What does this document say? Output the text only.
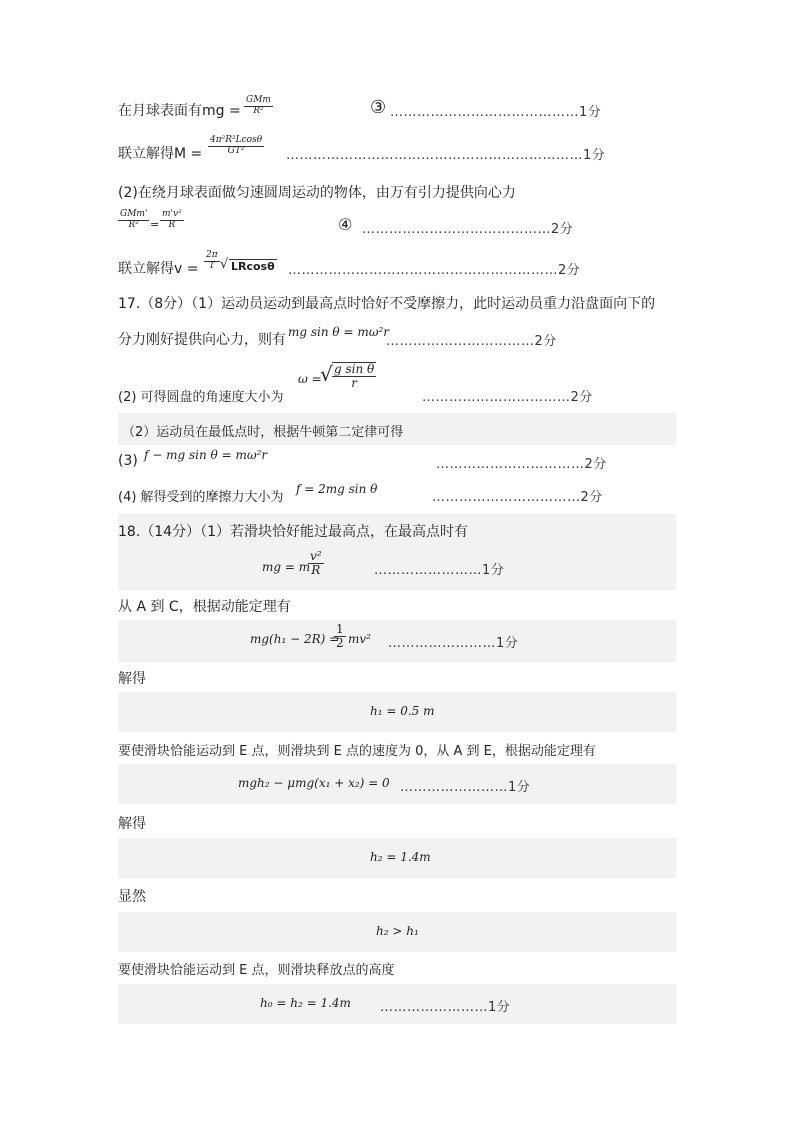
在月球表面有mg =
GMm
R²	③ ……………………………………1分
联立解得$M = \frac{\text{4π²R²Lcosθ}}{\text{GT²}}$ …………………………………………………………1分
(2)在绕月球表面做匀速圆周运动的物体，由万有引力提供向心力
GMm'
R²	= $\frac{\text{m'v²}}{R}$	④ ……………………………………2分
联立解得$v = \frac{2\pi}{T}$ √ LRcosθ ……………………………………………………2分
17.（8分）（1）运动员运动到最高点时恰好不受摩擦力，此时运动员重力沿盘面向下的
分力刚好提供向心力，则有 mg sin θ = mω²r
……………………………2分
(2) 可得圆盘的角速度大小为
ω =
√ $\frac{\text{g sin θ}}{r}$
……………………………2分
（2）运动员在最低点时，根据牛顿第二定律可得
(3) f − mg sin θ = mω²r
……………………………2分
(4) 解得受到的摩擦力大小为
f = 2mg sin θ
……………………………2分
18.（14分）（1）若滑块恰好能过最高点，在最高点时有
mg = m
$\frac{\text{v²}}{R}$	……………………1分
从 A 到 C，根据动能定理有
mg(h₁ − 2R) =
$\frac{1}{2} mv^2$ ……………………1分
解得
h₁ = 0.5 m
要使滑块恰能运动到 E 点，则滑块到 E 点的速度为 0，从 A 到 E，根据动能定理有
mgh₂ − μmg(x₁ + x₂) = 0 ……………………1分
解得
h₂ = 1.4m
显然
h₂ > h₁
要使滑块恰能运动到 E 点，则滑块释放点的高度
h₀ = h₂ = 1.4m ……………………1分
